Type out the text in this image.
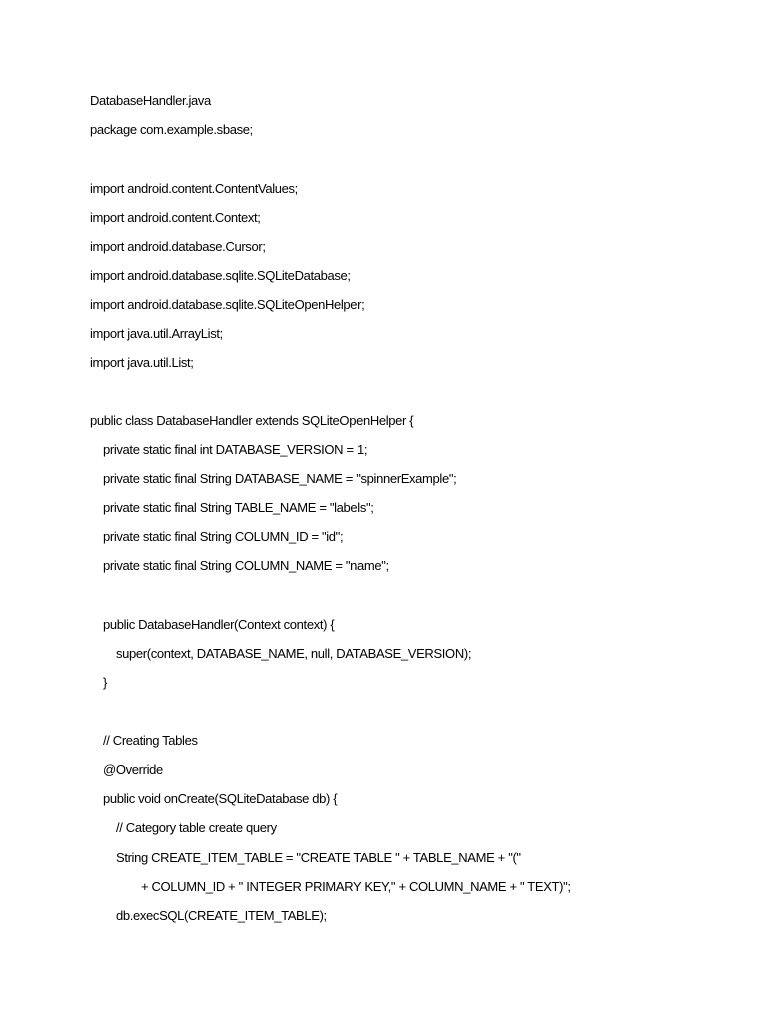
DatabaseHandler.java
package com.example.sbase;
import android.content.ContentValues;
import android.content.Context;
import android.database.Cursor;
import android.database.sqlite.SQLiteDatabase;
import android.database.sqlite.SQLiteOpenHelper;
import java.util.ArrayList;
import java.util.List;
public class DatabaseHandler extends SQLiteOpenHelper {
private static final int DATABASE_VERSION = 1;
private static final String DATABASE_NAME = "spinnerExample";
private static final String TABLE_NAME = "labels";
private static final String COLUMN_ID = "id";
private static final String COLUMN_NAME = "name";
public DatabaseHandler(Context context) {
super(context, DATABASE_NAME, null, DATABASE_VERSION);
}
// Creating Tables
@Override
public void onCreate(SQLiteDatabase db) {
// Category table create query
String CREATE_ITEM_TABLE = "CREATE TABLE " + TABLE_NAME + "("
+ COLUMN_ID + " INTEGER PRIMARY KEY," + COLUMN_NAME + " TEXT)";
db.execSQL(CREATE_ITEM_TABLE);
